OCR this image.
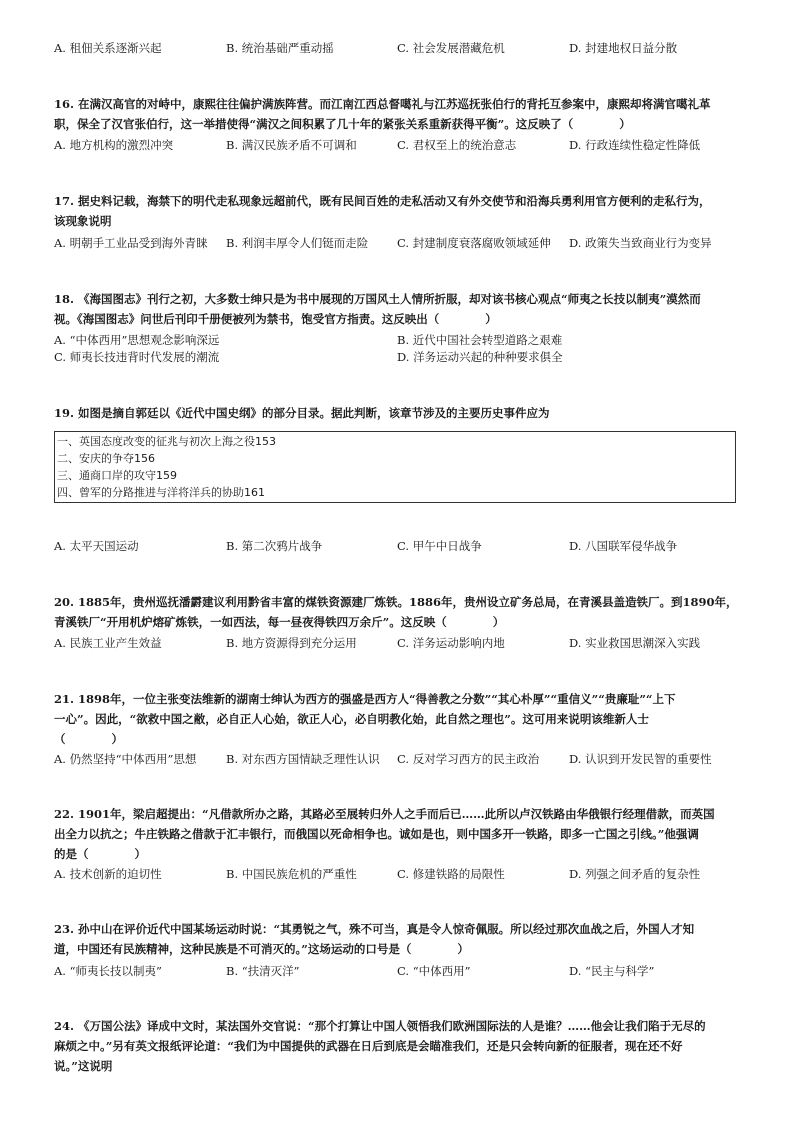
A. 租佃关系逐渐兴起	B. 统治基础严重动摇	C. 社会发展潜藏危机	D. 封建地权日益分散

16. 在满汉高官的对峙中，康熙往往偏护满族阵营。而江南江西总督噶礼与江苏巡抚张伯行的背托互参案中，康熙却将满官噶礼革

职，保全了汉官张伯行，这一举措使得“满汉之间积累了几十年的紧张关系重新获得平衡”。这反映了（　　　　）

A. 地方机构的激烈冲突	B. 满汉民族矛盾不可调和	C. 君权至上的统治意志	D. 行政连续性稳定性降低

17. 据史料记载，海禁下的明代走私现象远超前代，既有民间百姓的走私活动又有外交使节和沿海兵勇利用官方便利的走私行为，

该现象说明

A. 明朝手工业品受到海外青睐 B. 利润丰厚令人们铤而走险 C. 封建制度衰落腐败领域延伸 D. 政策失当致商业行为变异

18. 《海国图志》刊行之初，大多数士绅只是为书中展现的万国风土人情所折服，却对该书核心观点“师夷之长技以制夷”漠然而

视。《海国图志》问世后刊印千册便被列为禁书，饱受官方指责。这反映出（　　　　）

A. “中体西用”思想观念影响深远	B. 近代中国社会转型道路之艰难
C. 师夷长技违背时代发展的潮流	D. 洋务运动兴起的种种要求俱全

19. 如图是摘自郭廷以《近代中国史纲》的部分目录。据此判断，该章节涉及的主要历史事件应为

一、英国态度改变的征兆与初次上海之役153
二、安庆的争夺156
三、通商口岸的攻守159
四、曾军的分路推进与洋将洋兵的协助161
A. 太平天国运动	B. 第二次鸦片战争	C. 甲午中日战争	D. 八国联军侵华战争

20. 1885年，贵州巡抚潘霨建议利用黔省丰富的煤铁资源建厂炼铁。1886年，贵州设立矿务总局，在青溪县盖造铁厂。到1890年，

青溪铁厂“开用机炉熔矿炼铁，一如西法，每一昼夜得铁四万余斤”。这反映（　　　　）

A. 民族工业产生效益	B. 地方资源得到充分运用	C. 洋务运动影响内地	D. 实业救国思潮深入实践

21. 1898年，一位主张变法维新的湖南士绅认为西方的强盛是西方人“得善教之分数”“其心朴厚”“重信义”“贵廉耻”“上下

一心”。因此，“欲救中国之敝，必自正人心始，欲正人心，必自明教化始，此自然之理也”。这可用来说明该维新人士

（　　　　）

A. 仍然坚持“中体西用”思想	B. 对东西方国情缺乏理性认识 C. 反对学习西方的民主政治	D. 认识到开发民智的重要性

22. 1901年，梁启超提出：“凡借款所办之路，其路必至展转归外人之手而后已……此所以卢汉铁路由华俄银行经理借款，而英国

出全力以抗之；牛庄铁路之借款于汇丰银行，而俄国以死命相争也。诚如是也，则中国多开一铁路，即多一亡国之引线。”他强调

的是（　　　　）

A. 技术创新的迫切性	B. 中国民族危机的严重性	C. 修建铁路的局限性	D. 列强之间矛盾的复杂性

23. 孙中山在评价近代中国某场运动时说：“其勇锐之气，殊不可当，真是令人惊奇佩服。所以经过那次血战之后，外国人才知

道，中国还有民族精神，这种民族是不可消灭的。”这场运动的口号是（　　　　）

A. “师夷长技以制夷”	B. “扶清灭洋”	C. “中体西用”	D. “民主与科学”

24. 《万国公法》译成中文时，某法国外交官说：“那个打算让中国人领悟我们欧洲国际法的人是谁？……他会让我们陷于无尽的

麻烦之中。”另有英文报纸评论道：“我们为中国提供的武器在日后到底是会瞄准我们，还是只会转向新的征服者，现在还不好

说。”这说明
